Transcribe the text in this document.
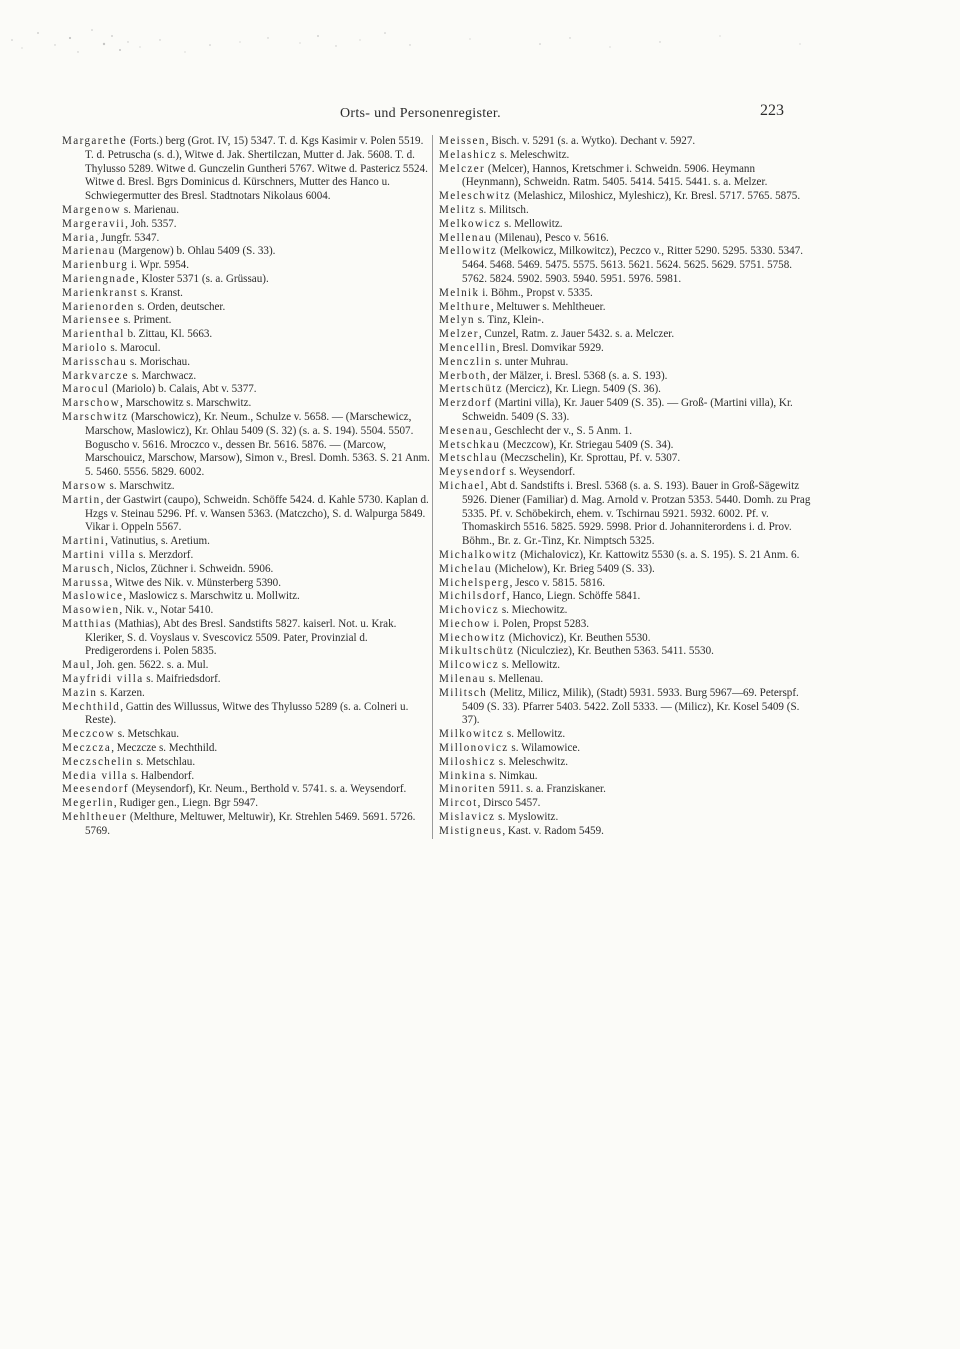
Orts- und Personenregister.	223

Margarethe (Forts.) berg (Grot. IV, 15) 5347. T. d. Kgs Kasimir v. Polen 5519. T. d. Petruscha (s. d.), Witwe d. Jak. Shertilczan, Mutter d. Jak. 5608. T. d. Thylusso 5289. Witwe d. Gunczelin Guntheri 5767. Witwe d. Pastericz 5524. Witwe d. Bresl. Bgrs Dominicus d. Kürschners, Mutter des Hanco u. Schwiegermutter des Bresl. Stadtnotars Nikolaus 6004.

Margenow s. Marienau.

Margeravii, Joh. 5357.

Maria, Jungfr. 5347.

Marienau (Margenow) b. Ohlau 5409 (S. 33).

Marienburg i. Wpr. 5954.

Mariengnade, Kloster 5371 (s. a. Grüssau).

Marienkranst s. Kranst.

Marienorden s. Orden, deutscher.

Mariensee s. Priment.

Marienthal b. Zittau, Kl. 5663.

Mariolo s. Marocul.

Marisschau s. Morischau.

Markvarcze s. Marchwacz.

Marocul (Mariolo) b. Calais, Abt v. 5377.

Marschow, Marschowitz s. Marschwitz.

Marschwitz (Marschowicz), Kr. Neum., Schulze v. 5658. — (Marschewicz, Marschow, Maslowicz), Kr. Ohlau 5409 (S. 32) (s. a. S. 194). 5504. 5507. Boguscho v. 5616. Mroczco v., dessen Br. 5616. 5876. — (Marcow, Marschouicz, Marschow, Marsow), Simon v., Bresl. Domh. 5363. S. 21 Anm. 5. 5460. 5556. 5829. 6002.

Marsow s. Marschwitz.

Martin, der Gastwirt (caupo), Schweidn. Schöffe 5424. d. Kahle 5730. Kaplan d. Hzgs v. Steinau 5296. Pf. v. Wansen 5363. (Matczcho), S. d. Walpurga 5849. Vikar i. Oppeln 5567.

Martini, Vatinutius, s. Aretium.

Martini villa s. Merzdorf.

Marusch, Niclos, Züchner i. Schweidn. 5906.

Marussa, Witwe des Nik. v. Münsterberg 5390.

Maslowice, Maslowicz s. Marschwitz u. Mollwitz.

Masowien, Nik. v., Notar 5410.

Matthias (Mathias), Abt des Bresl. Sandstifts 5827. kaiserl. Not. u. Krak. Kleriker, S. d. Voyslaus v. Svescovicz 5509. Pater, Provinzial d. Predigerordens i. Polen 5835.

Maul, Joh. gen. 5622. s. a. Mul.

Mayfridi villa s. Maifriedsdorf.

Mazin s. Karzen.

Mechthild, Gattin des Willussus, Witwe des Thylusso 5289 (s. a. Colneri u. Reste).

Meczcow s. Metschkau.

Meczcza, Meczcze s. Mechthild.

Meczschelin s. Metschlau.

Media villa s. Halbendorf.

Meesendorf (Meysendorf), Kr. Neum., Berthold v. 5741. s. a. Weysendorf.

Megerlin, Rudiger gen., Liegn. Bgr 5947.

Mehltheuer (Melthure, Meltuwer, Meltuwir), Kr. Strehlen 5469. 5691. 5726. 5769.

Meissen, Bisch. v. 5291 (s. a. Wytko). Dechant v. 5927.

Melashicz s. Meleschwitz.

Melczer (Melcer), Hannos, Kretschmer i. Schweidn. 5906. Heymann (Heynmann), Schweidn. Ratm. 5405. 5414. 5415. 5441. s. a. Melzer.

Meleschwitz (Melashicz, Miloshicz, Myleshicz), Kr. Bresl. 5717. 5765. 5875.

Melitz s. Militsch.

Melkowicz s. Mellowitz.

Mellenau (Milenau), Pesco v. 5616.

Mellowitz (Melkowicz, Milkowitcz), Peczco v., Ritter 5290. 5295. 5330. 5347. 5464. 5468. 5469. 5475. 5575. 5613. 5621. 5624. 5625. 5629. 5751. 5758. 5762. 5824. 5902. 5903. 5940. 5951. 5976. 5981.

Melnik i. Böhm., Propst v. 5335.

Melthure, Meltuwer s. Mehltheuer.

Melyn s. Tinz, Klein-.

Melzer, Cunzel, Ratm. z. Jauer 5432. s. a. Melczer.

Mencellin, Bresl. Domvikar 5929.

Menczlin s. unter Muhrau.

Merboth, der Mälzer, i. Bresl. 5368 (s. a. S. 193).

Mertschütz (Mercicz), Kr. Liegn. 5409 (S. 36).

Merzdorf (Martini villa), Kr. Jauer 5409 (S. 35). — Groß- (Martini villa), Kr. Schweidn. 5409 (S. 33).

Mesenau, Geschlecht der v., S. 5 Anm. 1.

Metschkau (Meczcow), Kr. Striegau 5409 (S. 34).

Metschlau (Meczschelin), Kr. Sprottau, Pf. v. 5307.

Meysendorf s. Weysendorf.

Michael, Abt d. Sandstifts i. Bresl. 5368 (s. a. S. 193). Bauer in Groß-Sägewitz 5926. Diener (Familiar) d. Mag. Arnold v. Protzan 5353. 5440. Domh. zu Prag 5335. Pf. v. Schöbekirch, ehem. v. Tschirnau 5921. 5932. 6002. Pf. v. Thomaskirch 5516. 5825. 5929. 5998. Prior d. Johanniterordens i. d. Prov. Böhm., Br. z. Gr.-Tinz, Kr. Nimptsch 5325.

Michalkowitz (Michalovicz), Kr. Kattowitz 5530 (s. a. S. 195). S. 21 Anm. 6.

Michelau (Michelow), Kr. Brieg 5409 (S. 33).

Michelsperg, Jesco v. 5815. 5816.

Michilsdorf, Hanco, Liegn. Schöffe 5841.

Michovicz s. Miechowitz.

Miechow i. Polen, Propst 5283.

Miechowitz (Michovicz), Kr. Beuthen 5530.

Mikultschütz (Niculcziez), Kr. Beuthen 5363. 5411. 5530.

Milcowicz s. Mellowitz.

Milenau s. Mellenau.

Militsch (Melitz, Milicz, Milik), (Stadt) 5931. 5933. Burg 5967—69. Peterspf. 5409 (S. 33). Pfarrer 5403. 5422. Zoll 5333. — (Milicz), Kr. Kosel 5409 (S. 37).

Milkowitcz s. Mellowitz.

Millonovicz s. Wilamowice.

Miloshicz s. Meleschwitz.

Minkina s. Nimkau.

Minoriten 5911. s. a. Franziskaner.

Mircot, Dirsco 5457.

Mislavicz s. Myslowitz.

Mistigneus, Kast. v. Radom 5459.
